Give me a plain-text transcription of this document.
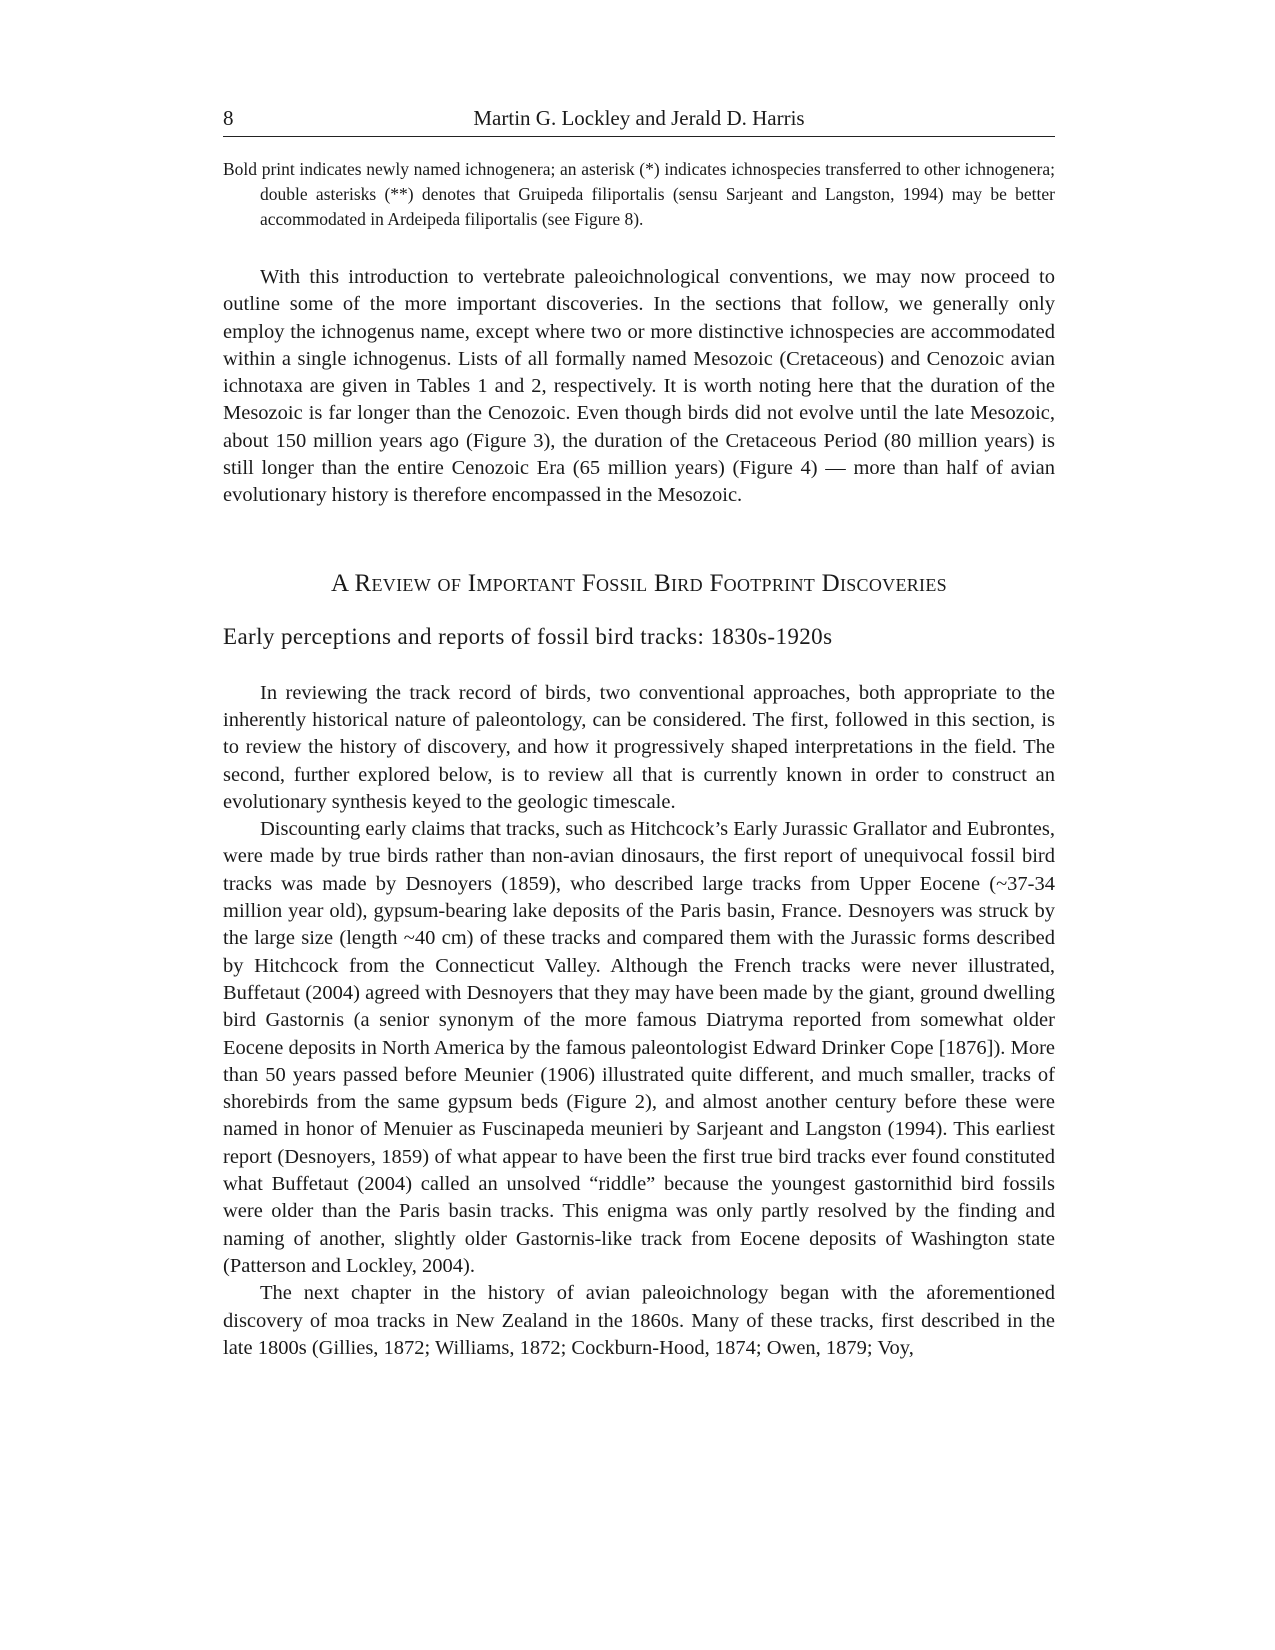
8	Martin G. Lockley and Jerald D. Harris

Bold print indicates newly named ichnogenera; an asterisk (*) indicates ichnospecies transferred to other ichnogenera; double asterisks (**) denotes that Gruipeda filiportalis (sensu Sarjeant and Langston, 1994) may be better accommodated in Ardeipeda filiportalis (see Figure 8).

With this introduction to vertebrate paleoichnological conventions, we may now proceed to outline some of the more important discoveries. In the sections that follow, we generally only employ the ichnogenus name, except where two or more distinctive ichnospecies are accommodated within a single ichnogenus. Lists of all formally named Mesozoic (Cretaceous) and Cenozoic avian ichnotaxa are given in Tables 1 and 2, respectively. It is worth noting here that the duration of the Mesozoic is far longer than the Cenozoic. Even though birds did not evolve until the late Mesozoic, about 150 million years ago (Figure 3), the duration of the Cretaceous Period (80 million years) is still longer than the entire Cenozoic Era (65 million years) (Figure 4) — more than half of avian evolutionary history is therefore encompassed in the Mesozoic.

A Review of Important Fossil Bird Footprint Discoveries
Early perceptions and reports of fossil bird tracks: 1830s-1920s

In reviewing the track record of birds, two conventional approaches, both appropriate to the inherently historical nature of paleontology, can be considered. The first, followed in this section, is to review the history of discovery, and how it progressively shaped interpretations in the field. The second, further explored below, is to review all that is currently known in order to construct an evolutionary synthesis keyed to the geologic timescale.

Discounting early claims that tracks, such as Hitchcock’s Early Jurassic Grallator and Eubrontes, were made by true birds rather than non-avian dinosaurs, the first report of unequivocal fossil bird tracks was made by Desnoyers (1859), who described large tracks from Upper Eocene (~37-34 million year old), gypsum-bearing lake deposits of the Paris basin, France. Desnoyers was struck by the large size (length ~40 cm) of these tracks and compared them with the Jurassic forms described by Hitchcock from the Connecticut Valley. Although the French tracks were never illustrated, Buffetaut (2004) agreed with Desnoyers that they may have been made by the giant, ground dwelling bird Gastornis (a senior synonym of the more famous Diatryma reported from somewhat older Eocene deposits in North America by the famous paleontologist Edward Drinker Cope [1876]). More than 50 years passed before Meunier (1906) illustrated quite different, and much smaller, tracks of shorebirds from the same gypsum beds (Figure 2), and almost another century before these were named in honor of Menuier as Fuscinapeda meunieri by Sarjeant and Langston (1994). This earliest report (Desnoyers, 1859) of what appear to have been the first true bird tracks ever found constituted what Buffetaut (2004) called an unsolved “riddle” because the youngest gastornithid bird fossils were older than the Paris basin tracks. This enigma was only partly resolved by the finding and naming of another, slightly older Gastornis-like track from Eocene deposits of Washington state (Patterson and Lockley, 2004).

The next chapter in the history of avian paleoichnology began with the aforementioned discovery of moa tracks in New Zealand in the 1860s. Many of these tracks, first described in the late 1800s (Gillies, 1872; Williams, 1872; Cockburn-Hood, 1874; Owen, 1879; Voy,
